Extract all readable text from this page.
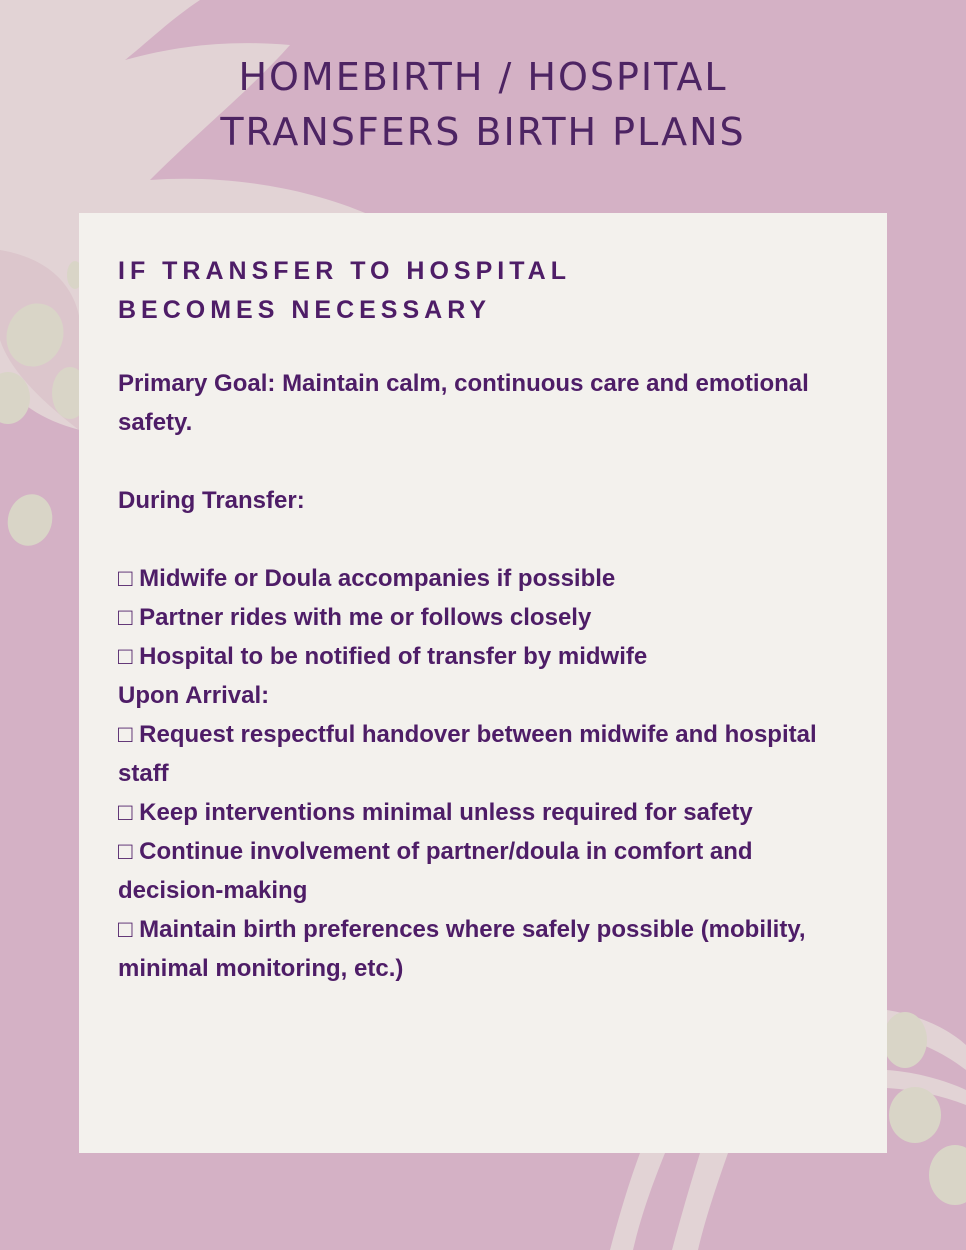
HOMEBIRTH / HOSPITAL
TRANSFERS BIRTH PLANS
IF TRANSFER TO HOSPITAL
BECOMES NECESSARY

Primary Goal: Maintain calm, continuous care and emotional safety.

During Transfer:

□ Midwife or Doula accompanies if possible

□ Partner rides with me or follows closely

□ Hospital to be notified of transfer by midwife

Upon Arrival:

□ Request respectful handover between midwife and hospital staff

□ Keep interventions minimal unless required for safety

□ Continue involvement of partner/doula in comfort and decision-making

□ Maintain birth preferences where safely possible (mobility, minimal monitoring, etc.)
